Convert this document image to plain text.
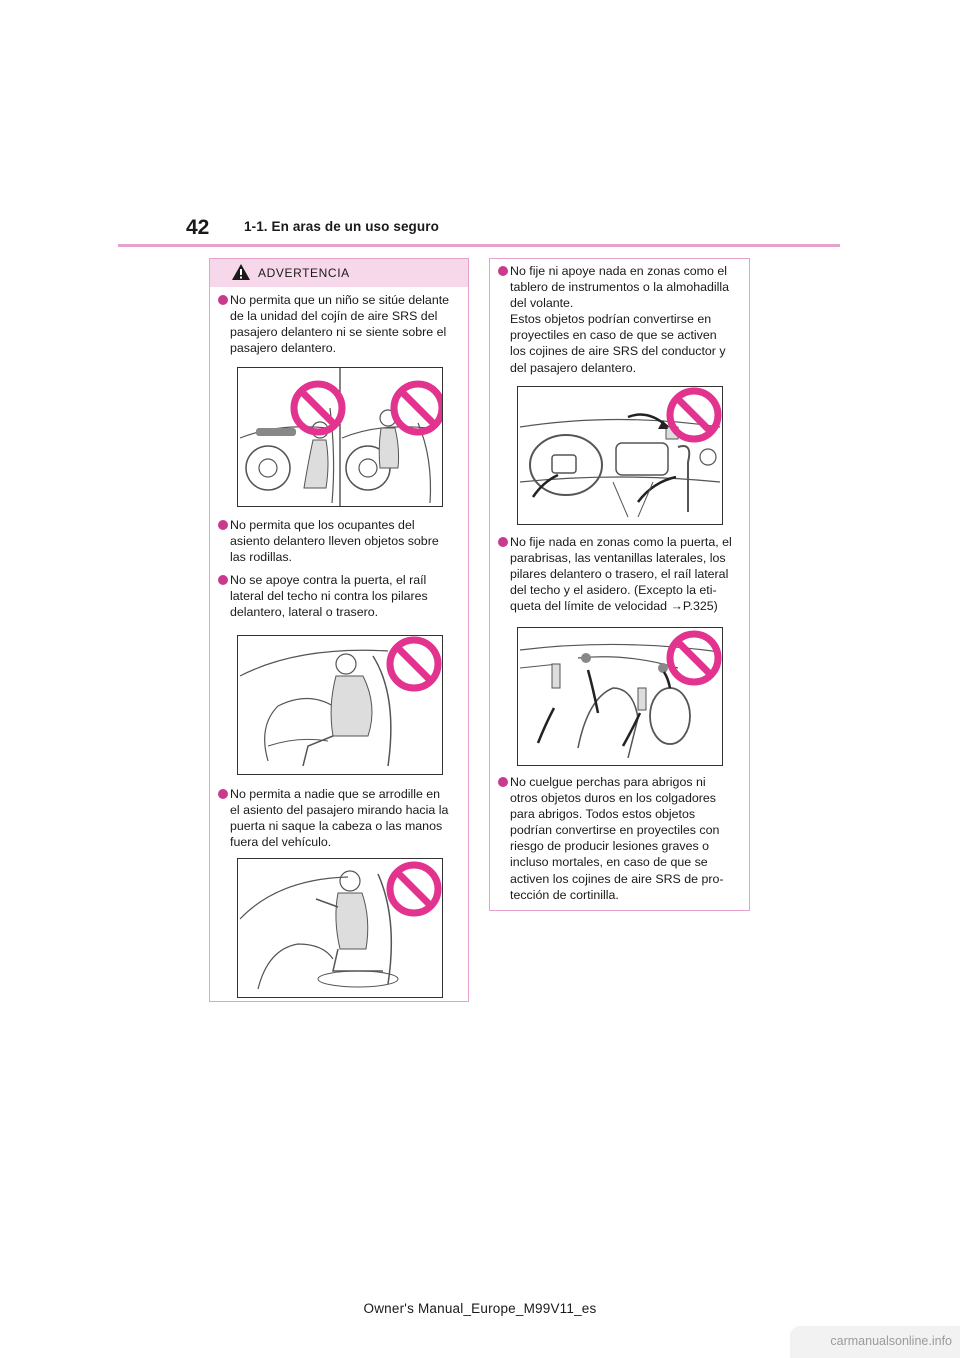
42	1-1. En aras de un uso seguro
ADVERTENCIA
No permita que un niño se sitúe delante
de la unidad del cojín de aire SRS del
pasajero delantero ni se siente sobre el
pasajero delantero.
No permita que los ocupantes del
asiento delantero lleven objetos sobre
las rodillas.
No se apoye contra la puerta, el raíl
lateral del techo ni contra los pilares
delantero, lateral o trasero.
No permita a nadie que se arrodille en
el asiento del pasajero mirando hacia la
puerta ni saque la cabeza o las manos
fuera del vehículo.
No fije ni apoye nada en zonas como el
tablero de instrumentos o la almohadilla
del volante.
Estos objetos podrían convertirse en
proyectiles en caso de que se activen
los cojines de aire SRS del conductor y
del pasajero delantero.
No fije nada en zonas como la puerta, el
parabrisas, las ventanillas laterales, los
pilares delantero o trasero, el raíl lateral
del techo y el asidero. (Excepto la eti-
queta del límite de velocidad →P.325)
No cuelgue perchas para abrigos ni
otros objetos duros en los colgadores
para abrigos. Todos estos objetos
podrían convertirse en proyectiles con
riesgo de producir lesiones graves o
incluso mortales, en caso de que se
activen los cojines de aire SRS de pro-
tección de cortinilla.
Owner's Manual_Europe_M99V11_es
carmanualsonline.info
